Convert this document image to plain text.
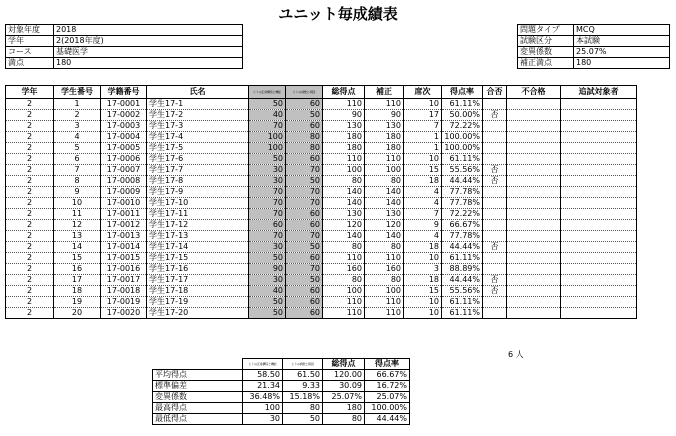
ユニット毎成績表
対象年度	2018
学年	2(2018年度)
コース	基礎医学
満点	180
問題タイプ	MCQ
試験区分	本試験
変異係数	25.07%
補正満点	180
学年	学生番号	学籍番号	氏名	ヒトの正常構造と機能	ヒトの病態と病因	総得点	補正	席次	得点率	合否	不合格	追試対象者
2	1	17-0001	学生17-1	50	60	110	110	10	61.11%			
2	2	17-0002	学生17-2	40	50	90	90	17	50.00%	否		
2	3	17-0003	学生17-3	70	60	130	130	7	72.22%			
2	4	17-0004	学生17-4	100	80	180	180	1	100.00%			
2	5	17-0005	学生17-5	100	80	180	180	1	100.00%			
2	6	17-0006	学生17-6	50	60	110	110	10	61.11%			
2	7	17-0007	学生17-7	30	70	100	100	15	55.56%	否		
2	8	17-0008	学生17-8	30	50	80	80	18	44.44%	否		
2	9	17-0009	学生17-9	70	70	140	140	4	77.78%			
2	10	17-0010	学生17-10	70	70	140	140	4	77.78%			
2	11	17-0011	学生17-11	70	60	130	130	7	72.22%			
2	12	17-0012	学生17-12	60	60	120	120	9	66.67%			
2	13	17-0013	学生17-13	70	70	140	140	4	77.78%			
2	14	17-0014	学生17-14	30	50	80	80	18	44.44%	否		
2	15	17-0015	学生17-15	50	60	110	110	10	61.11%			
2	16	17-0016	学生17-16	90	70	160	160	3	88.89%			
2	17	17-0017	学生17-17	30	50	80	80	18	44.44%	否		
2	18	17-0018	学生17-18	40	60	100	100	15	55.56%	否		
2	19	17-0019	学生17-19	50	60	110	110	10	61.11%			
2	20	17-0020	学生17-20	50	60	110	110	10	61.11%			
6 人
	ヒトの正常構造と機能	ヒトの病態と病因	総得点	得点率
平均得点	58.50	61.50	120.00	66.67%
標準偏差	21.34	9.33	30.09	16.72%
変異係数	36.48%	15.18%	25.07%	25.07%
最高得点	100	80	180	100.00%
最低得点	30	50	80	44.44%
